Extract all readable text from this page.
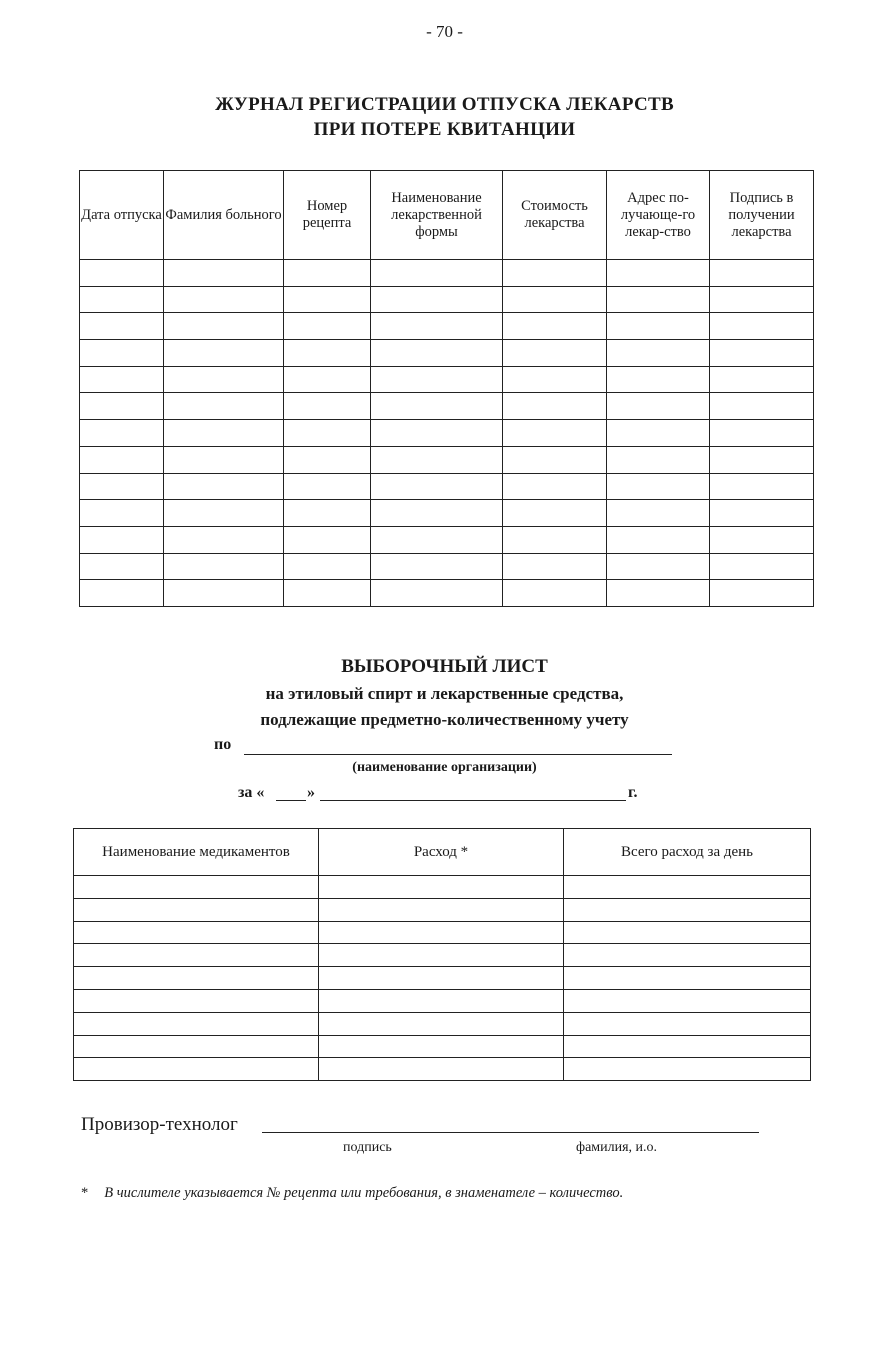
- 70 -
ЖУРНАЛ РЕГИСТРАЦИИ ОТПУСКА ЛЕКАРСТВ
ПРИ ПОТЕРЕ КВИТАНЦИИ
Дата отпуска	Фамилия больного	Номер рецепта	Наименование лекарственной формы	Стоимость лекарства	Адрес по-лучающе-го лекар-ство	Подпись в получении лекарства

ВЫБОРОЧНЫЙ ЛИСТ
на этиловый спирт и лекарственные средства,
подлежащие предметно-количественному учету
по
(наименование организации)
за «	»	г.
Наименование медикаментов	Расход *	Всего расход за день

Провизор-технолог
подпись	фамилия, и.о.
* В числителе указывается № рецепта или требования, в знаменателе – количество.
